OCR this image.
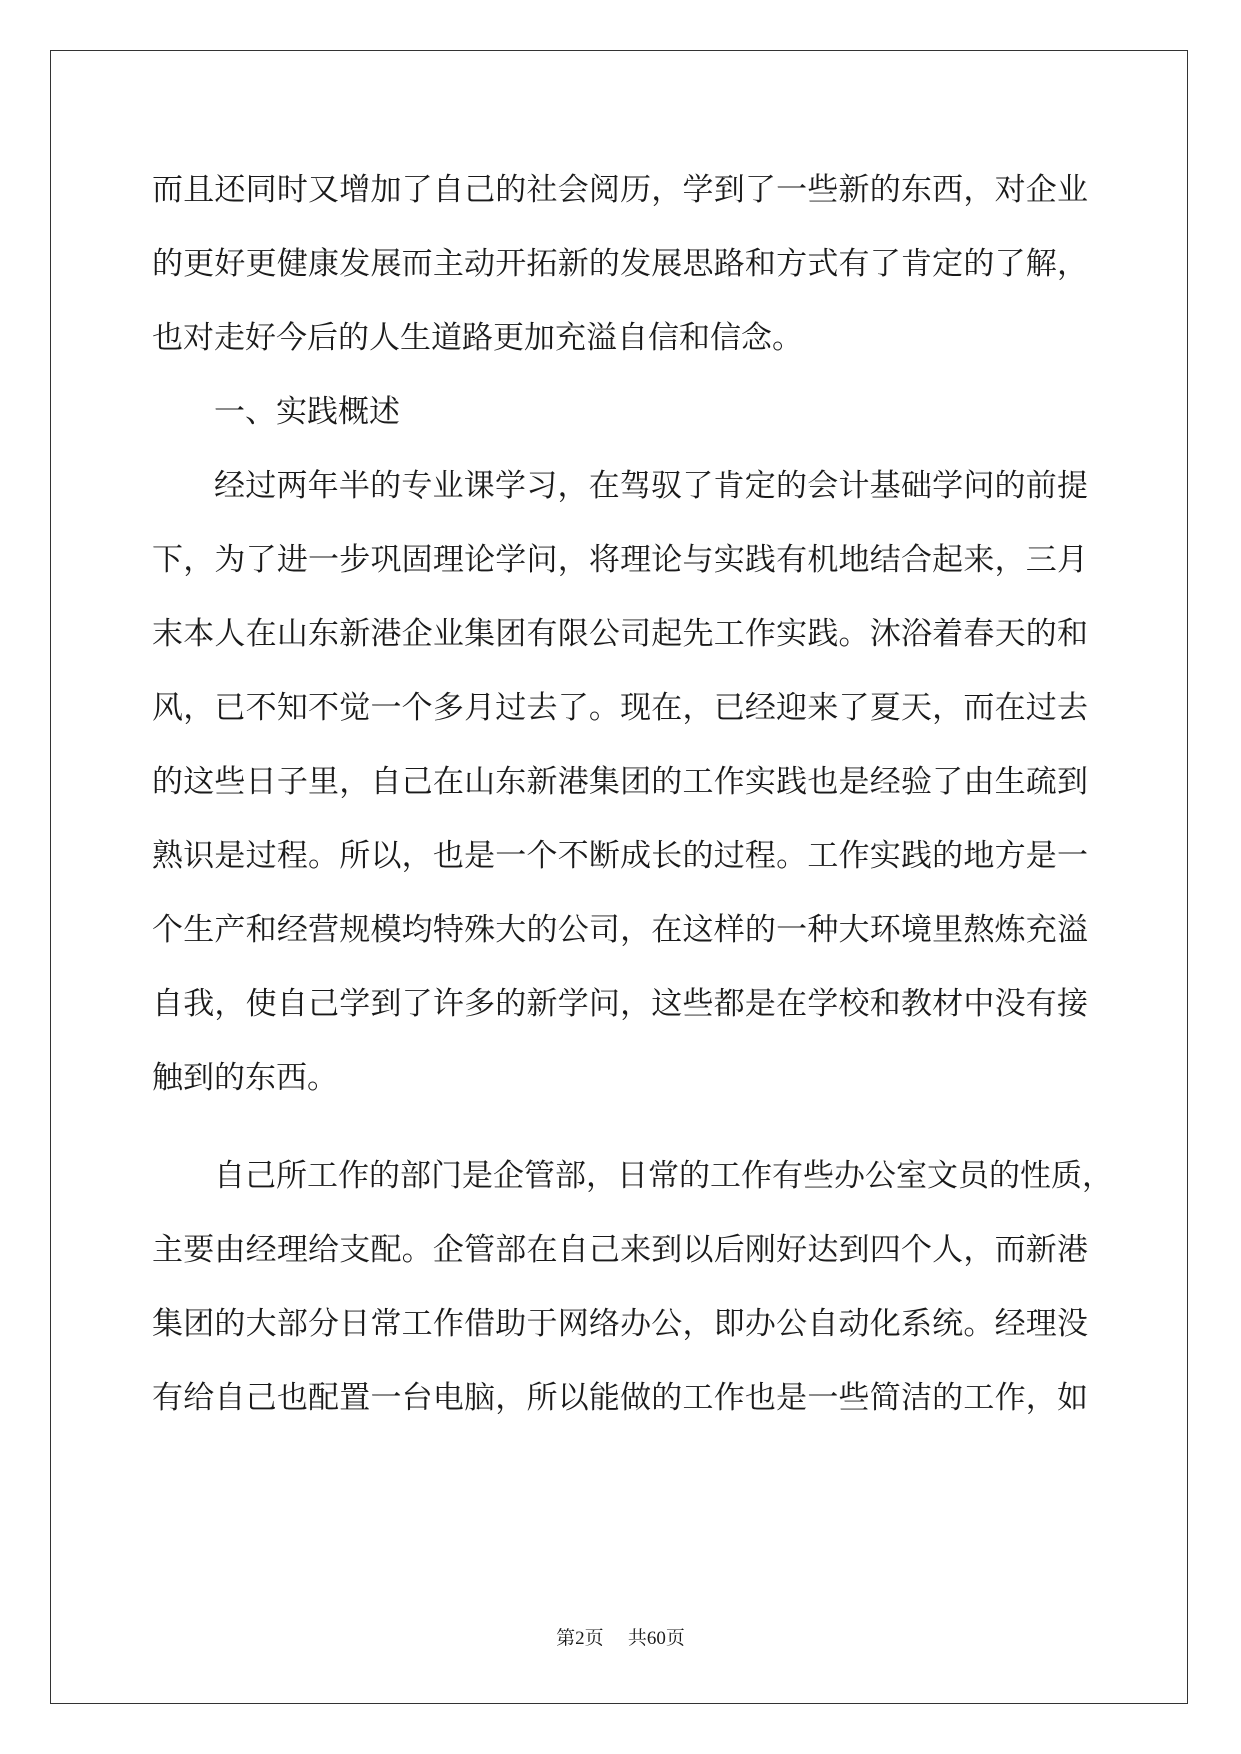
而且还同时又增加了自己的社会阅历，学到了一些新的东西，对企业
的更好更健康发展而主动开拓新的发展思路和方式有了肯定的了解，
也对走好今后的人生道路更加充溢自信和信念。
一、实践概述
经过两年半的专业课学习，在驾驭了肯定的会计基础学问的前提
下，为了进一步巩固理论学问，将理论与实践有机地结合起来，三月
末本人在山东新港企业集团有限公司起先工作实践。沐浴着春天的和
风，已不知不觉一个多月过去了。现在，已经迎来了夏天，而在过去
的这些日子里，自己在山东新港集团的工作实践也是经验了由生疏到
熟识是过程。所以，也是一个不断成长的过程。工作实践的地方是一
个生产和经营规模均特殊大的公司，在这样的一种大环境里熬炼充溢
自我，使自己学到了许多的新学问，这些都是在学校和教材中没有接
触到的东西。
自己所工作的部门是企管部，日常的工作有些办公室文员的性质，
主要由经理给支配。企管部在自己来到以后刚好达到四个人，而新港
集团的大部分日常工作借助于网络办公，即办公自动化系统。经理没
有给自己也配置一台电脑，所以能做的工作也是一些简洁的工作，如
第2页 共60页
